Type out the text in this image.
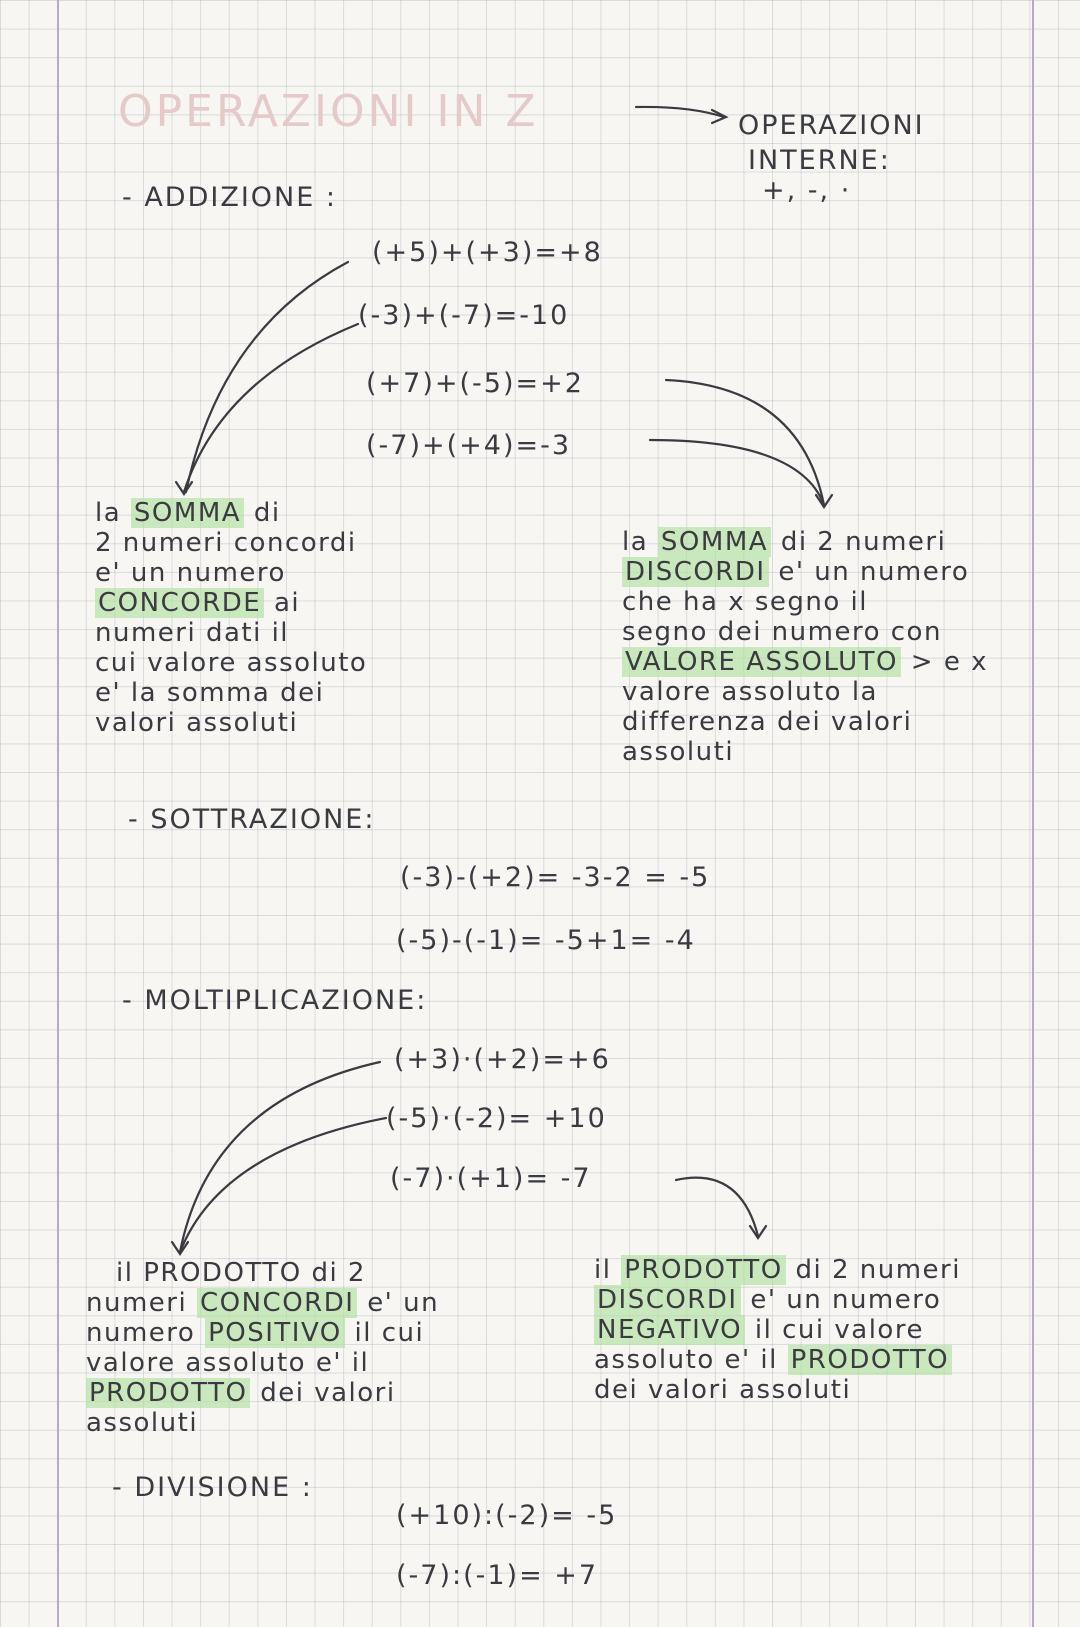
OPERAZIONI IN Z	OPERAZIONI
INTERNE:
+, -, ·
- ADDIZIONE :
(+5)+(+3)=+8
(-3)+(-7)=-10
(+7)+(-5)=+2
(-7)+(+4)=-3
la SOMMA di
2 numeri concordi
e' un numero
CONCORDE ai
numeri dati il
cui valore assoluto
e' la somma dei
valori assoluti
la SOMMA di 2 numeri
DISCORDI e' un numero
che ha x segno il
segno dei numero con
VALORE ASSOLUTO > e x
valore assoluto la
differenza dei valori
assoluti
- SOTTRAZIONE:
(-3)-(+2)= -3-2 = -5
(-5)-(-1)= -5+1= -4
- MOLTIPLICAZIONE:
(+3)·(+2)=+6
(-5)·(-2)= +10
(-7)·(+1)= -7
il PRODOTTO di 2
numeri CONCORDI e' un
numero POSITIVO il cui
valore assoluto e' il
PRODOTTO dei valori
assoluti
il PRODOTTO di 2 numeri
DISCORDI e' un numero
NEGATIVO il cui valore
assoluto e' il PRODOTTO
dei valori assoluti
- DIVISIONE :
(+10):(-2)= -5
(-7):(-1)= +7
